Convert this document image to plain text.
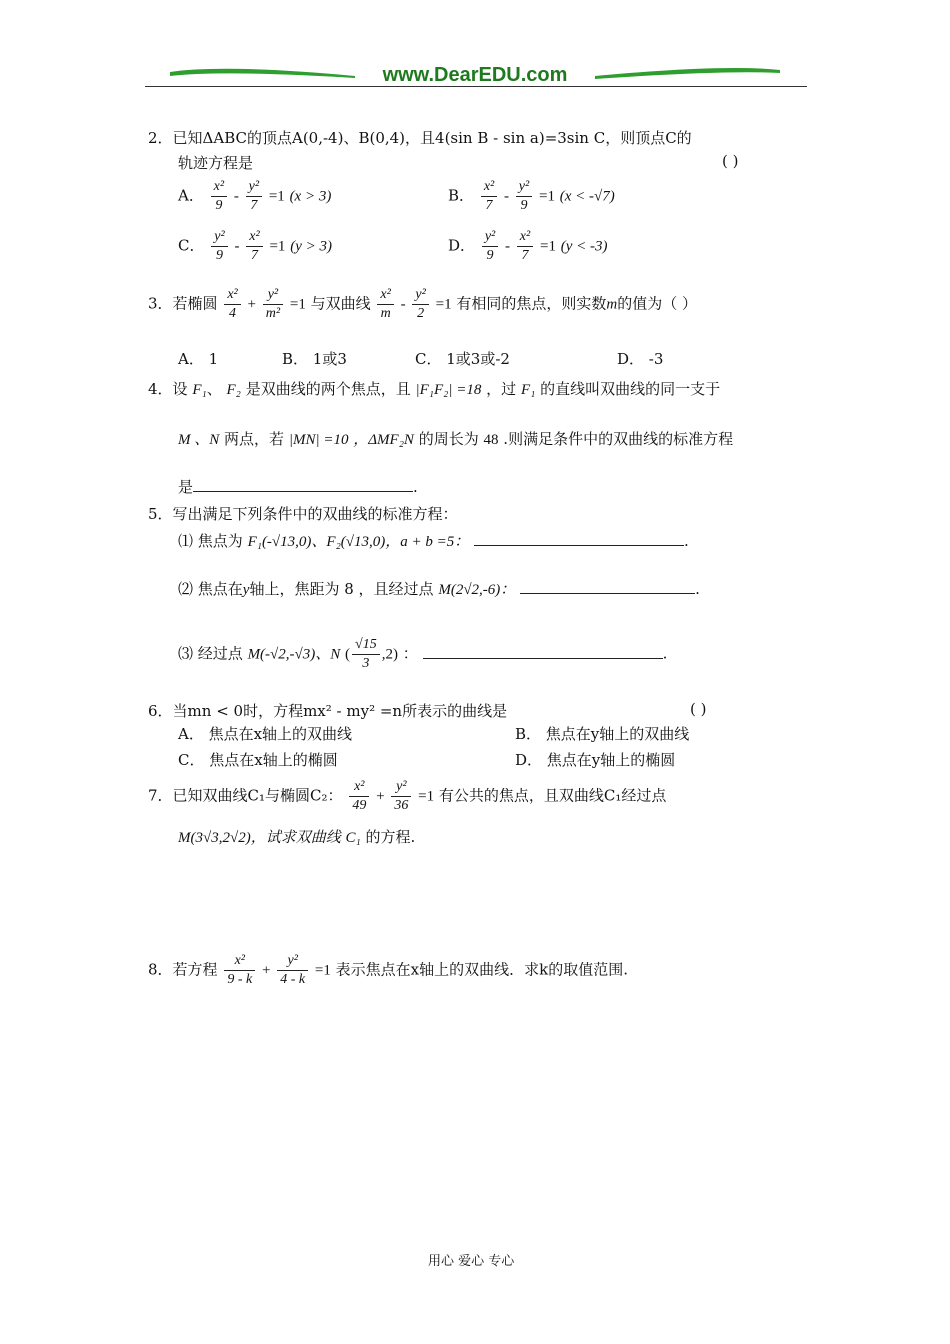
www.DearEDU.com
2．已知ΔABC的顶点A(0,-4)、B(0,4)，且4(sin B - sin a)=3sin C，则顶点C的
轨迹方程是	( )
A． $\frac{\text{x²}}{9} - \frac{\text{y²}}{7} =1$ (x > 3)	B． $\frac{\text{x²}}{7} - \frac{\text{y²}}{9} =1$ (x < -√7)
C． $\frac{\text{y²}}{9} - \frac{\text{x²}}{7} =1$ (y > 3)	D． $\frac{\text{y²}}{9} - \frac{\text{x²}}{7} =1$ (y < -3)
3．若椭圆 $\frac{\text{x²}}{4} + \frac{\text{y²}}{\text{m²}} =1$ 与双曲线 $\frac{\text{x²}}{m} - \frac{\text{y²}}{2} =1$ 有相同的焦点，则实数m的值为（ ）
A． 1	B． 1或3	C． 1或3或-2	D． -3
4．设 F₁、 F₂ 是双曲线的两个焦点，且 |F₁F₂| =18 ，过 F₁ 的直线叫双曲线的同一支于
M 、N 两点，若 |MN| =10 ，ΔMF₂N 的周长为 48 .则满足条件中的双曲线的标准方程
是	.
5．写出满足下列条件中的双曲线的标准方程：
⑴ 焦点为 F₁(-√13,0)、F₂(√13,0)，a + b =5：	.
⑵ 焦点在y轴上，焦距为 8 ，且经过点 M(2√2,-6)：	.
⑶ 经过点 M(-√2,-√3)、N ( $\frac{√15}{3} ,2$) ：	.
6．当mn < 0时，方程mx² - my² =n所表示的曲线是	( )
A． 焦点在x轴上的双曲线	B． 焦点在y轴上的双曲线
C． 焦点在x轴上的椭圆	D． 焦点在y轴上的椭圆
7．已知双曲线C₁与椭圆C₂： $\frac{\text{x²}}{49} + \frac{\text{y²}}{36} =1$ 有公共的焦点，且双曲线C₁经过点
M(3√3,2√2)，试求双曲线 C₁ 的方程.
8．若方程 $\frac{\text{x²}}{9 - k} + \frac{\text{y²}}{4 - k} =1$ 表示焦点在x轴上的双曲线．求k的取值范围.
用心 爱心 专心
